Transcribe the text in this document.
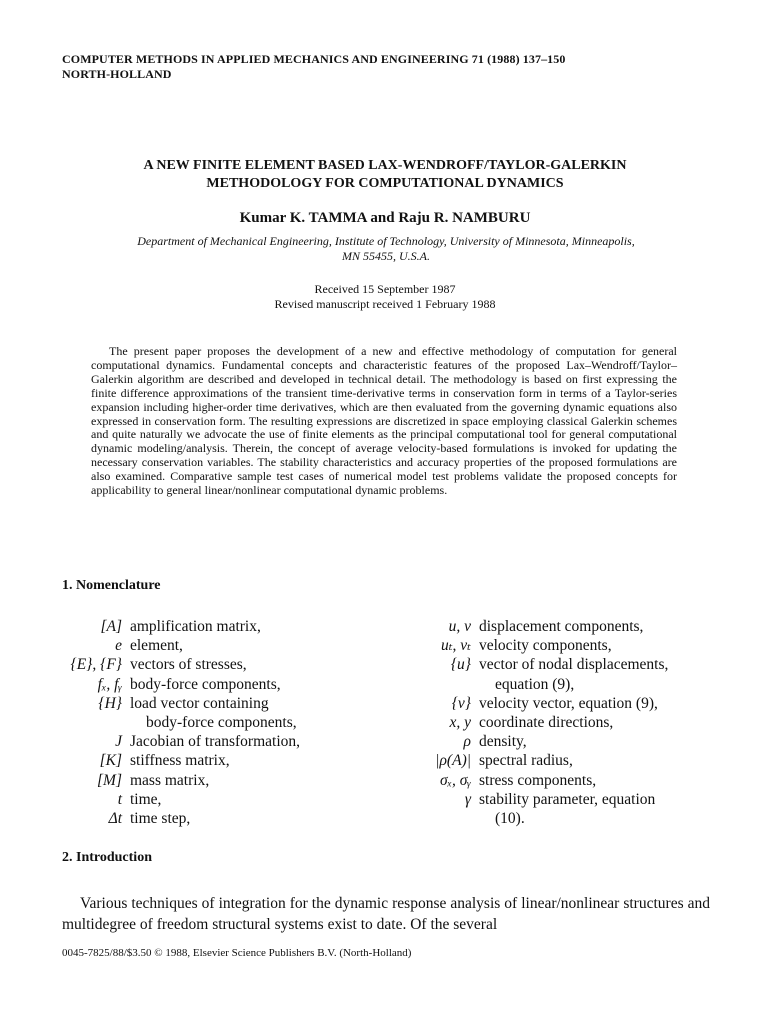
COMPUTER METHODS IN APPLIED MECHANICS AND ENGINEERING 71 (1988) 137–150
NORTH-HOLLAND
A NEW FINITE ELEMENT BASED LAX-WENDROFF/TAYLOR-GALERKIN
METHODOLOGY FOR COMPUTATIONAL DYNAMICS
Kumar K. TAMMA and Raju R. NAMBURU
Department of Mechanical Engineering, Institute of Technology, University of Minnesota, Minneapolis,
MN 55455, U.S.A.
Received 15 September 1987
Revised manuscript received 1 February 1988
The present paper proposes the development of a new and effective methodology of computation for general computational dynamics. Fundamental concepts and characteristic features of the proposed Lax–Wendroff/Taylor–Galerkin algorithm are described and developed in technical detail. The methodology is based on first expressing the finite difference approximations of the transient time-derivative terms in conservation form in terms of a Taylor-series expansion including higher-order time derivatives, which are then evaluated from the governing dynamic equations also expressed in conservation form. The resulting expressions are discretized in space employing classical Galerkin schemes and quite naturally we advocate the use of finite elements as the principal computational tool for general computational dynamic modeling/analysis. Therein, the concept of average velocity-based formulations is invoked for updating the necessary conservation variables. The stability characteristics and accuracy properties of the proposed formulations are also examined. Comparative sample test cases of numerical model test problems validate the proposed concepts for applicability to general linear/nonlinear computational dynamic problems.
1. Nomenclature
[A] amplification matrix,
e element,
{E}, {F} vectors of stresses,
fₓ, fᵧ body-force components,
{H} load vector containing
body-force components,
J Jacobian of transformation,
[K] stiffness matrix,
[M] mass matrix,
t time,
Δt time step,
u, v displacement components,
uₜ, vₜ velocity components,
{u} vector of nodal displacements,
equation (9),
{v} velocity vector, equation (9),
x, y coordinate directions,
ρ density,
|ρ(A)| spectral radius,
σₓ, σᵧ stress components,
γ stability parameter, equation
(10).
2. Introduction
Various techniques of integration for the dynamic response analysis of linear/nonlinear structures and multidegree of freedom structural systems exist to date. Of the several
0045-7825/88/$3.50 © 1988, Elsevier Science Publishers B.V. (North-Holland)
